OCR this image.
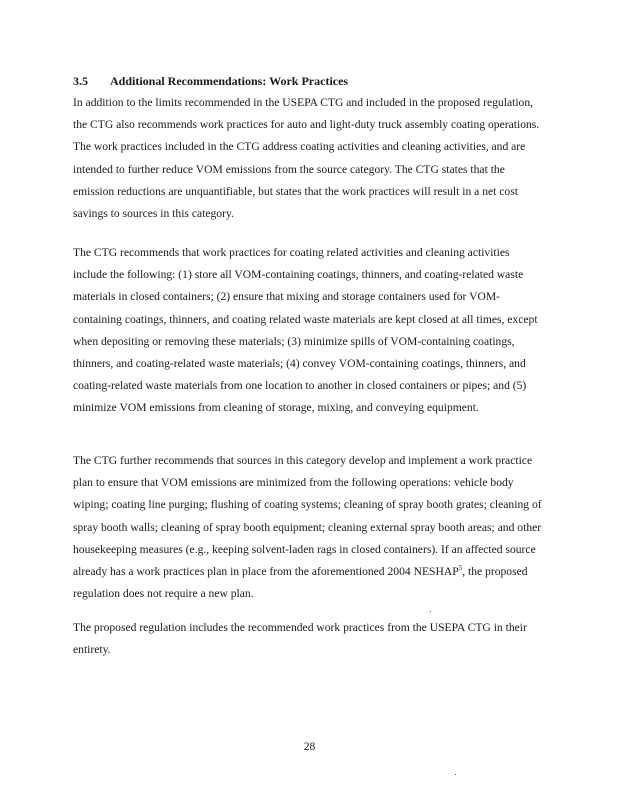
3.5 Additional Recommendations: Work Practices

In addition to the limits recommended in the USEPA CTG and included in the proposed regulation, the CTG also recommends work practices for auto and light-duty truck assembly coating operations. The work practices included in the CTG address coating activities and cleaning activities, and are intended to further reduce VOM emissions from the source category. The CTG states that the emission reductions are unquantifiable, but states that the work practices will result in a net cost savings to sources in this category.

The CTG recommends that work practices for coating related activities and cleaning activities include the following: (1) store all VOM-containing coatings, thinners, and coating-related waste materials in closed containers; (2) ensure that mixing and storage containers used for VOM-containing coatings, thinners, and coating related waste materials are kept closed at all times, except when depositing or removing these materials; (3) minimize spills of VOM-containing coatings, thinners, and coating-related waste materials; (4) convey VOM-containing coatings, thinners, and coating-related waste materials from one location to another in closed containers or pipes; and (5) minimize VOM emissions from cleaning of storage, mixing, and conveying equipment.

The CTG further recommends that sources in this category develop and implement a work practice plan to ensure that VOM emissions are minimized from the following operations: vehicle body wiping; coating line purging; flushing of coating systems; cleaning of spray booth grates; cleaning of spray booth walls; cleaning of spray booth equipment; cleaning external spray booth areas; and other housekeeping measures (e.g., keeping solvent-laden rags in closed containers). If an affected source already has a work practices plan in place from the aforementioned 2004 NESHAP$^5$, the proposed regulation does not require a new plan.

The proposed regulation includes the recommended work practices from the USEPA CTG in their entirety.

28
